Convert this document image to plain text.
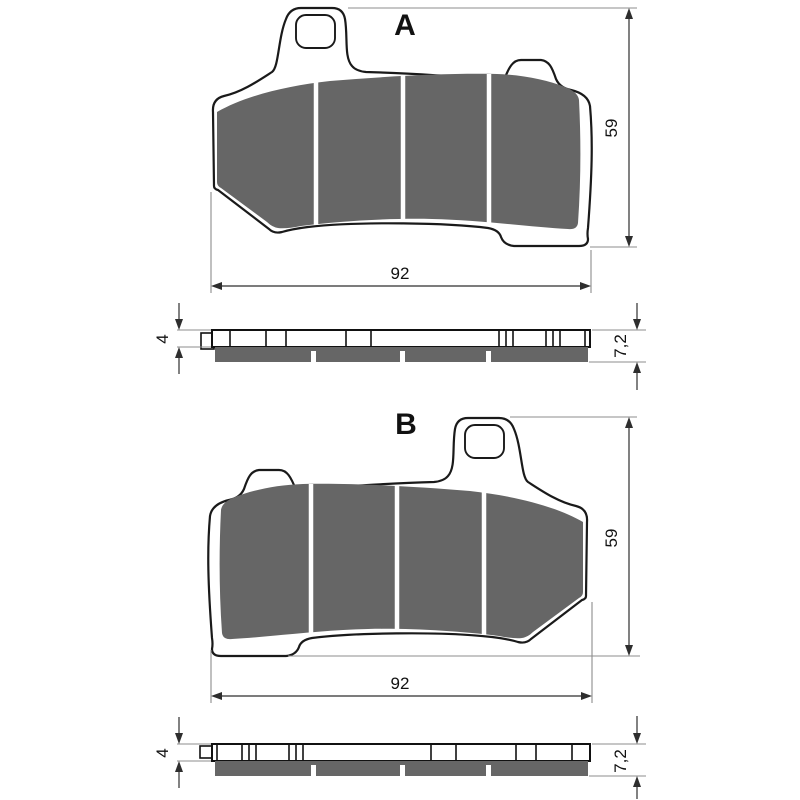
A
59
92
4	7,2
B
59
92
4	7,2
